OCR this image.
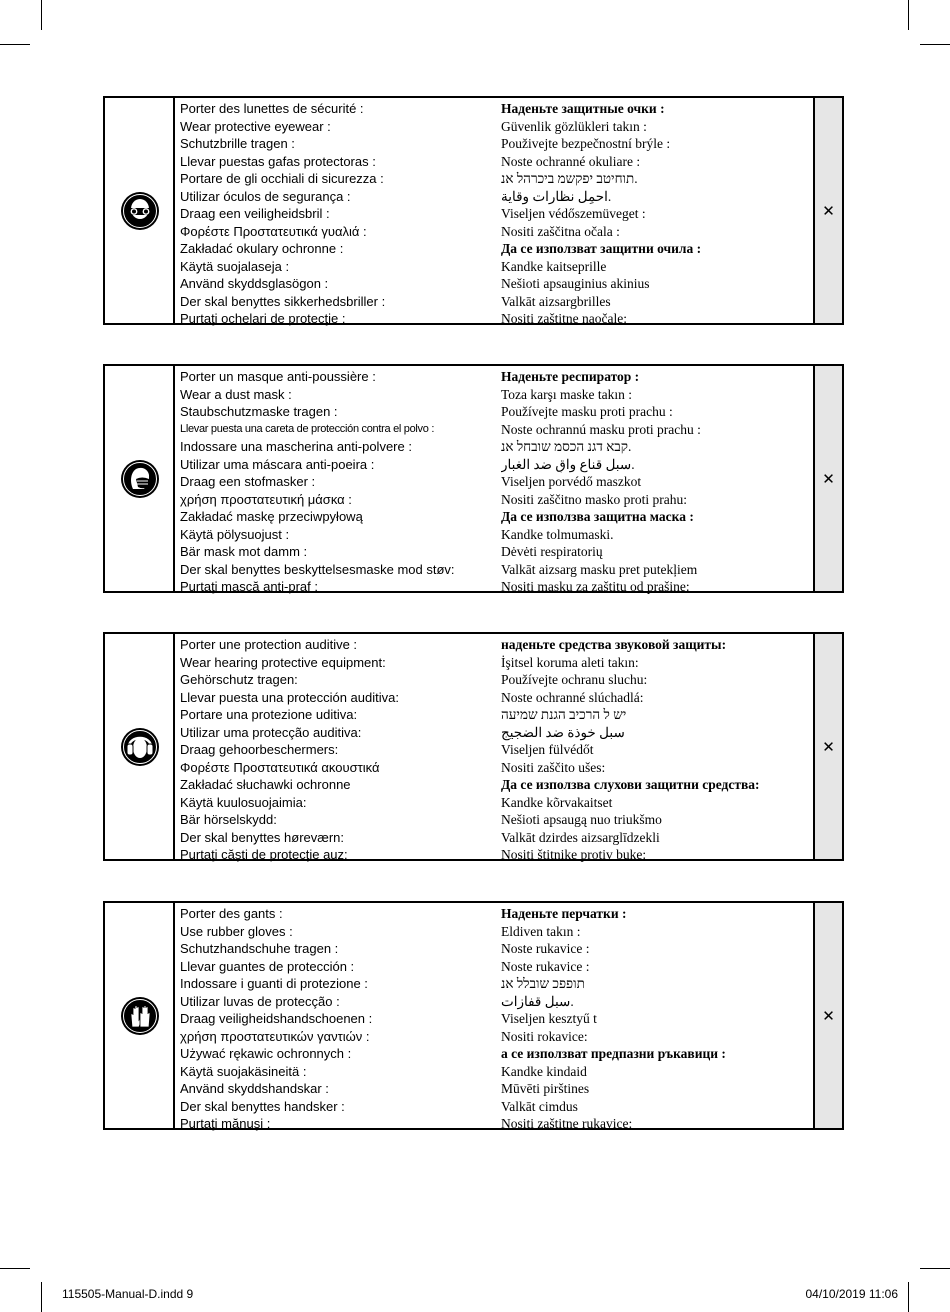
Porter des lunettes de sécurité :
Wear protective eyewear :
Schutzbrille tragen :
Llevar puestas gafas protectoras :
Portare de gli occhiali di sicurezza :
Utilizar óculos de segurança :
Draag een veiligheidsbril :
Φορέστε Προστατευτικά γυαλιά :
Zakładać okulary ochronne :
Käytä suojalaseja :
Använd skyddsglasögon :
Der skal benyttes sikkerhedsbriller :
Purtaţi ochelari de protecţie :
Наденьте защитные очки :
Güvenlik gözlükleri takın :
Použivejte bezpečnostní brýle :
Noste ochranné okuliare :
תוחיטב יפקשמ ביכרהל אנ.
احمِل نظارات وقاية.
Viseljen védőszemüveget :
Nositi zaščitna očala :
Да се използват защитни очила :
Kandke kaitseprille
Nešioti apsauginius akinius
Valkāt aizsargbrilles
Nositi zaštitne naočale:
✕
Porter un masque anti-poussière :
Wear a dust mask :
Staubschutzmaske tragen :
Llevar puesta una careta de protección contra el polvo :
Indossare una mascherina anti-polvere :
Utilizar uma máscara anti-poeira :
Draag een stofmasker :
χρήση προστατευτική μάσκα :
Zakładać maskę przeciwpyłową
Käytä pölysuojust :
Bär mask mot damm :
Der skal benyttes beskyttelsesmaske mod støv:
Purtaţi mască anti-praf :
Наденьте респиратор :
Toza karşı maske takın :
Používejte masku proti prachu :
Noste ochrannú masku proti prachu :
קבא דגנ הכסמ שובחל אנ.
سبل قناع واقٍ ضد الغبار.
Viseljen porvédő maszkot
Nositi zaščitno masko proti prahu:
Да се използва защитна маска :
Kandke tolmumaski.
Dėvėti respiratorių
Valkāt aizsarg masku pret putekļiem
Nositi masku za zaštitu od prašine:
✕
Porter une protection auditive :
Wear hearing protective equipment:
Gehörschutz tragen:
Llevar puesta una protección auditiva:
Portare una protezione uditiva:
Utilizar uma protecção auditiva:
Draag gehoorbeschermers:
Φορέστε Προστατευτικά ακουστικά
Zakładać słuchawki ochronne
Käytä kuulosuojaimia:
Bär hörselskydd:
Der skal benyttes høreværn:
Purtaţi căşti de protecţie auz:
наденьте средства звуковой защиты:
İşitsel koruma aleti takın:
Používejte ochranu sluchu:
Noste ochranné slúchadlá:
יש ל הרכיב הגנת שמיעה
سبل خوذة ضد الضجيج
Viseljen fülvédőt
Nositi zaščito ušes:
Да се използва слухови защитни средства:
Kandke kõrvakaitset
Nešioti apsaugą nuo triukšmo
Valkāt dzirdes aizsarglīdzekli
Nositi štitnike protiv buke:
✕
Porter des gants :
Use rubber gloves :
Schutzhandschuhe tragen :
Llevar guantes de protección :
Indossare i guanti di protezione :
Utilizar luvas de protecção :
Draag veiligheidshandschoenen :
χρήση προστατευτικών γαντιών :
Używać rękawic ochronnych :
Käytä suojakäsineitä :
Använd skyddshandskar :
Der skal benyttes handsker :
Purtaţi mănuşi :
Наденьте перчатки :
Eldiven takın :
Noste rukavice :
Noste rukavice :
תופפכ שובלל אנ
سبل قفازات.
Viseljen kesztyű t
Nositi rokavice:
а се използват предпазни ръкавици :
Kandke kindaid
Mūvēti pirštines
Valkāt cimdus
Nositi zaštitne rukavice:
✕
115505-Manual-D.indd 9	04/10/2019 11:06
